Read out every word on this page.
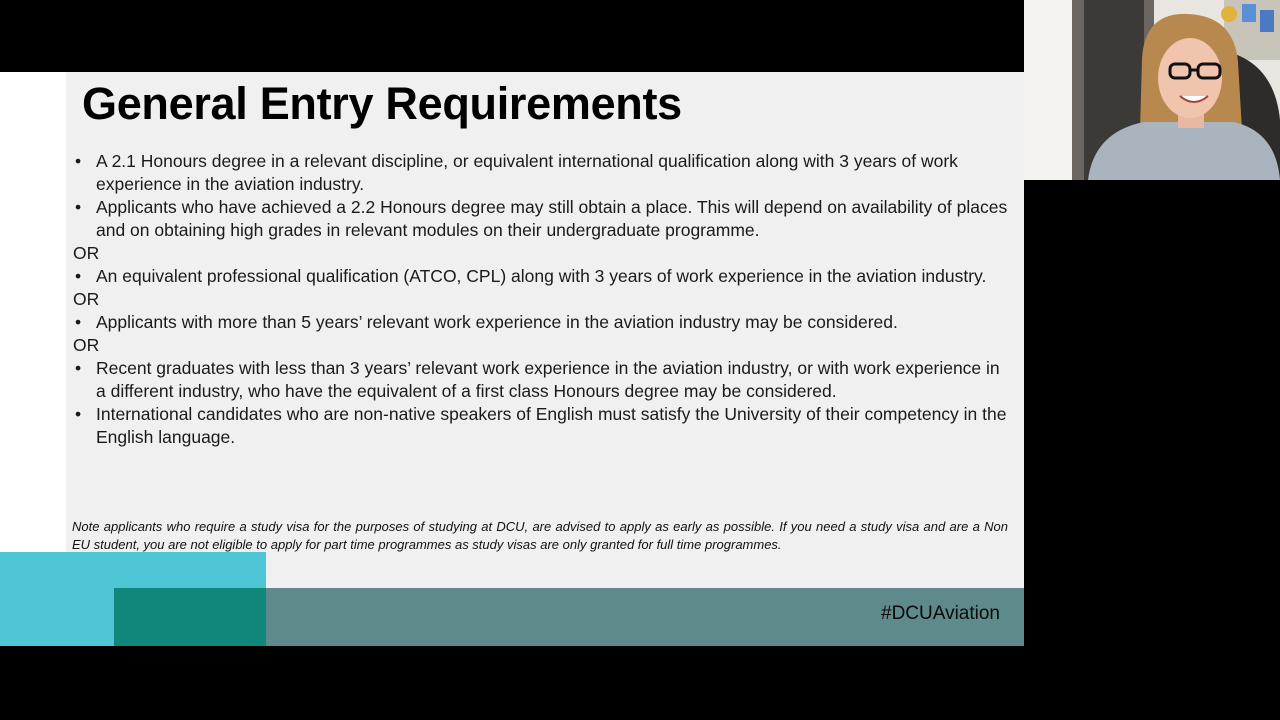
General Entry Requirements
• A 2.1 Honours degree in a relevant discipline, or equivalent international qualification along with 3 years of work experience in the aviation industry.
• Applicants who have achieved a 2.2 Honours degree may still obtain a place. This will depend on availability of places and on obtaining high grades in relevant modules on their undergraduate programme.
OR
• An equivalent professional qualification (ATCO, CPL) along with 3 years of work experience in the aviation industry.
OR
• Applicants with more than 5 years’ relevant work experience in the aviation industry may be considered.
OR
• Recent graduates with less than 3 years’ relevant work experience in the aviation industry, or with work experience in a different industry, who have the equivalent of a first class Honours degree may be considered.
• International candidates who are non-native speakers of English must satisfy the University of their competency in the English language.
Note applicants who require a study visa for the purposes of studying at DCU, are advised to apply as early as possible. If you need a study visa and are a Non EU student, you are not eligible to apply for part time programmes as study visas are only granted for full time programmes.
#DCUAviation
